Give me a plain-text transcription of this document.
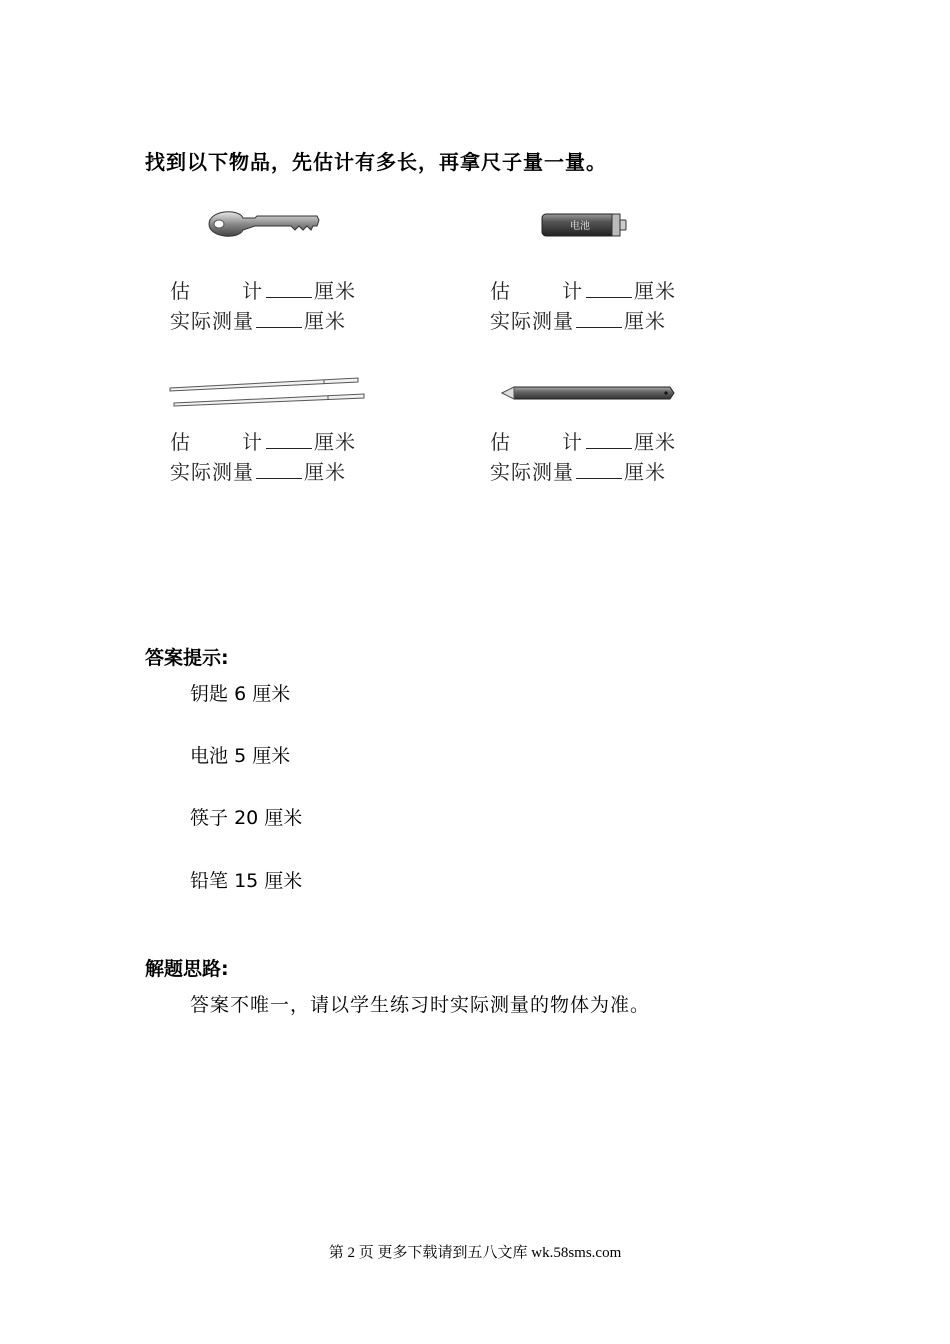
找到以下物品，先估计有多长，再拿尺子量一量。
电池
估	计	厘米
实际测量	厘米
估	计	厘米
实际测量	厘米
估	计	厘米
实际测量	厘米
估	计	厘米
实际测量	厘米
答案提示:
钥匙 6 厘米
电池 5 厘米
筷子 20 厘米
铅笔 15 厘米
解题思路:
答案不唯一，请以学生练习时实际测量的物体为准。
第 2 页 更多下载请到五八文库 wk.58sms.com
